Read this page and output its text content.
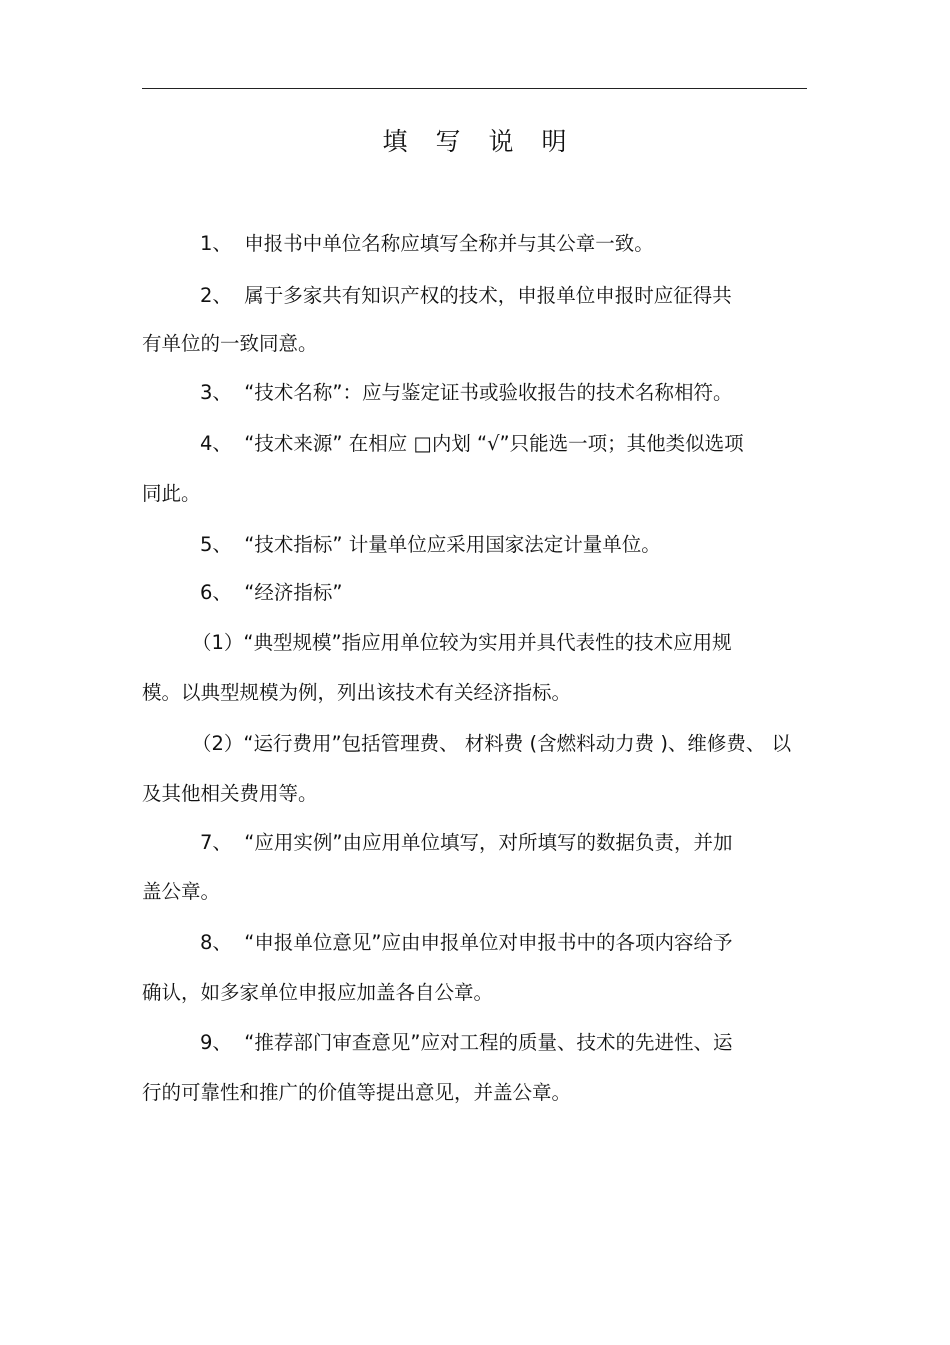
填写说明
1、  申报书中单位名称应填写全称并与其公章一致。
2、  属于多家共有知识产权的技术，申报单位申报时应征得共
有单位的一致同意。
3、  “技术名称”：应与鉴定证书或验收报告的技术名称相符。
4、  “技术来源” 在相应 □内划 “√”只能选一项；其他类似选项
同此。
5、  “技术指标” 计量单位应采用国家法定计量单位。
6、  “经济指标”
（1）“典型规模”指应用单位较为实用并具代表性的技术应用规
模。以典型规模为例，列出该技术有关经济指标。
（2）“运行费用”包括管理费、 材料费 (含燃料动力费 )、维修费、 以
及其他相关费用等。
7、  “应用实例”由应用单位填写，对所填写的数据负责，并加
盖公章。
8、  “申报单位意见”应由申报单位对申报书中的各项内容给予
确认，如多家单位申报应加盖各自公章。
9、  “推荐部门审查意见”应对工程的质量、技术的先进性、运
行的可靠性和推广的价值等提出意见，并盖公章。
